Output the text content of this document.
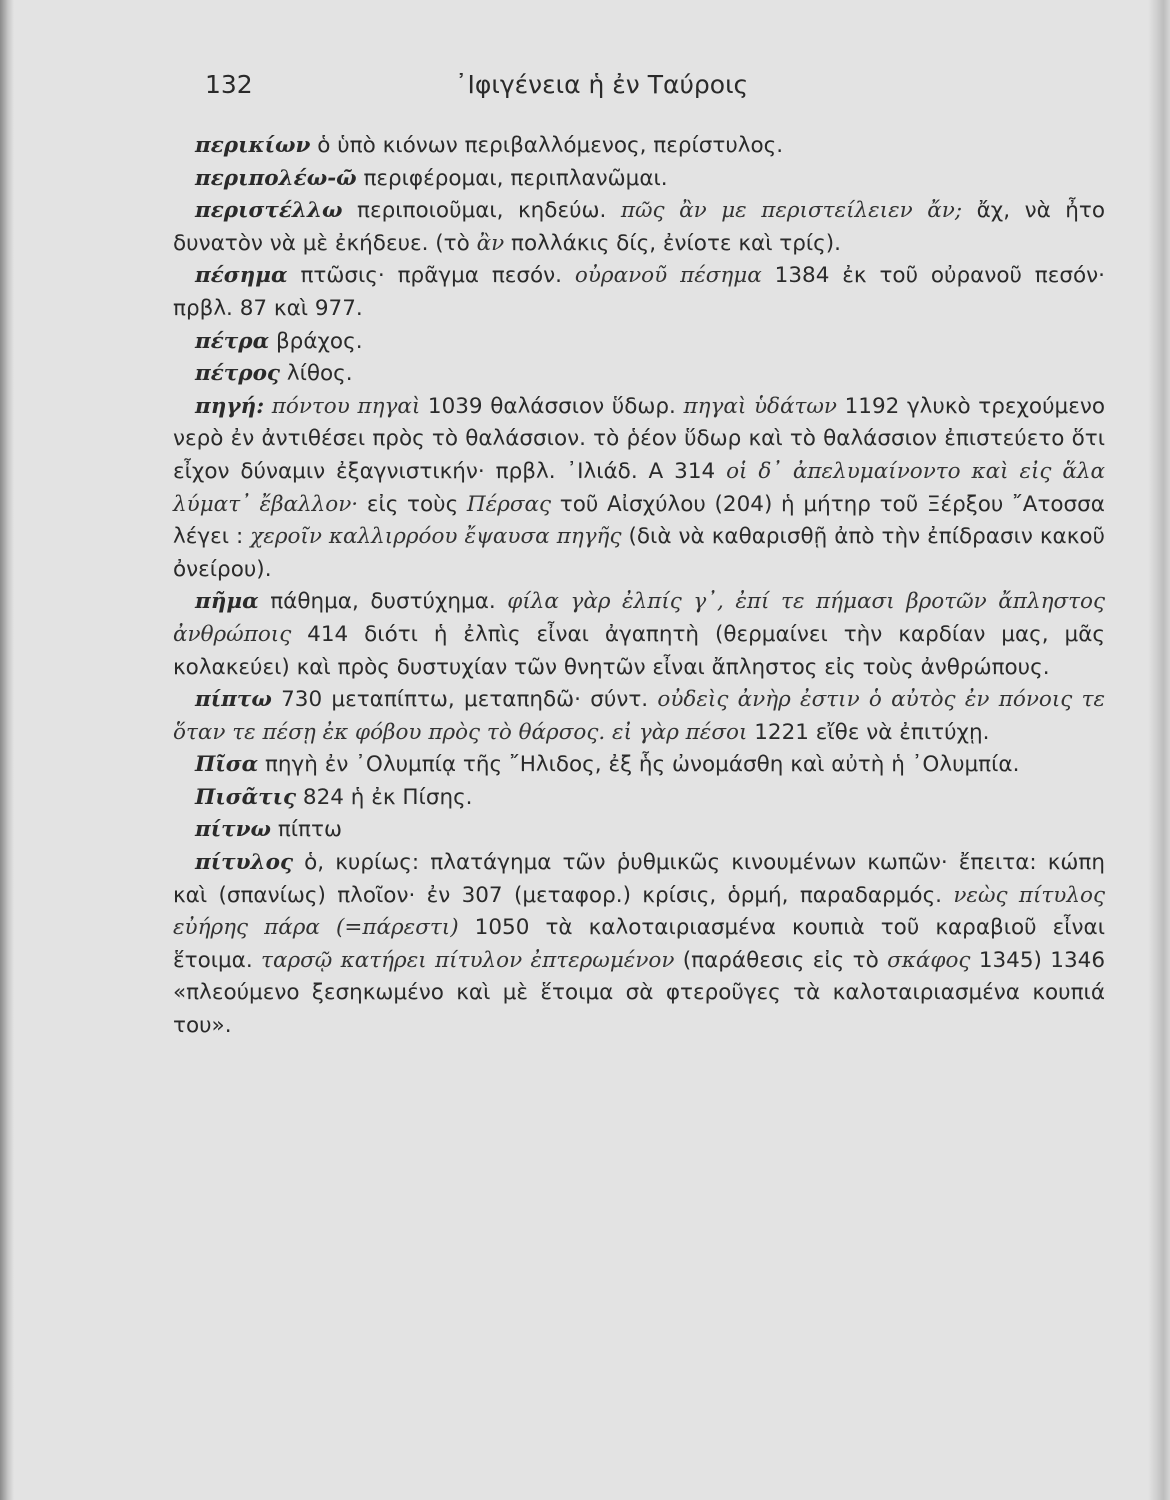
132	᾿Ιφιγένεια ἡ ἐν Ταύροις

περικίων ὁ ὑπὸ κιόνων περιβαλλόμενος, περίστυλος.

περιπολέω-ῶ περιφέρομαι, περιπλανῶμαι.

περιστέλλω περιποιοῦμαι, κηδεύω. πῶς ἂν με περιστείλειεν ἄν; ἄχ, νὰ ἦτο δυνατὸν νὰ μὲ ἐκήδευε. (τὸ ἂν πολλάκις δίς, ἐνίοτε καὶ τρίς).

πέσημα πτῶσις· πρᾶγμα πεσόν. οὐρανοῦ πέσημα 1384 ἐκ τοῦ οὐρανοῦ πεσόν· πρβλ. 87 καὶ 977.

πέτρα βράχος.

πέτρος λίθος.

πηγή: πόντου πηγαὶ 1039 θαλάσσιον ὕδωρ. πηγαὶ ὑδάτων 1192 γλυκὸ τρεχούμενο νερὸ ἐν ἀντιθέσει πρὸς τὸ θαλάσσιον. τὸ ῥέον ὕδωρ καὶ τὸ θαλάσσιον ἐπιστεύετο ὅτι εἶχον δύναμιν ἐξαγνιστικήν· πρβλ. ᾿Ιλιάδ. Α 314 οἱ δ᾿ ἀπελυμαίνοντο καὶ εἰς ἅλα λύματ᾿ ἔβαλλον· εἰς τοὺς Πέρσας τοῦ Αἰσχύλου (204) ἡ μήτηρ τοῦ Ξέρξου ῎Ατοσσα λέγει : χεροῖν καλλιρρόου ἔψαυσα πηγῆς (διὰ νὰ καθαρισθῇ ἀπὸ τὴν ἐπίδρασιν κακοῦ ὀνείρου).

πῆμα πάθημα, δυστύχημα. φίλα γὰρ ἐλπίς γ᾿, ἐπί τε πήμασι βροτῶν ἄπληστος ἀνθρώποις 414 διότι ἡ ἐλπὶς εἶναι ἀγαπητὴ (θερμαίνει τὴν καρδίαν μας, μᾶς κολακεύει) καὶ πρὸς δυστυχίαν τῶν θνητῶν εἶναι ἄπληστος εἰς τοὺς ἀνθρώπους.

πίπτω 730 μεταπίπτω, μεταπηδῶ· σύντ. οὐδεὶς ἀνὴρ ἐστιν ὁ αὐτὸς ἐν πόνοις τε ὅταν τε πέσῃ ἐκ φόβου πρὸς τὸ θάρσος. εἰ γὰρ πέσοι 1221 εἴθε νὰ ἐπιτύχῃ.

Πῖσα πηγὴ ἐν ᾿Ολυμπίᾳ τῆς ῎Ηλιδος, ἐξ ἧς ὠνομάσθη καὶ αὐτὴ ἡ ᾿Ολυμπία.

Πισᾶτις 824 ἡ ἐκ Πίσης.

πίτνω πίπτω

πίτυλος ὁ, κυρίως: πλατάγημα τῶν ῥυθμικῶς κινουμένων κωπῶν· ἔπειτα: κώπη καὶ (σπανίως) πλοῖον· ἐν 307 (μεταφορ.) κρίσις, ὁρμή, παραδαρμός. νεὼς πίτυλος εὐήρης πάρα (=πάρεστι) 1050 τὰ καλοταιριασμένα κουπιὰ τοῦ καραβιοῦ εἶναι ἕτοιμα. ταρσῷ κατήρει πίτυλον ἐπτερωμένον (παράθεσις εἰς τὸ σκάφος 1345) 1346 «πλεούμενο ξεσηκωμένο καὶ μὲ ἕτοιμα σὰ φτεροῦγες τὰ καλοταιριασμένα κουπιά του».
